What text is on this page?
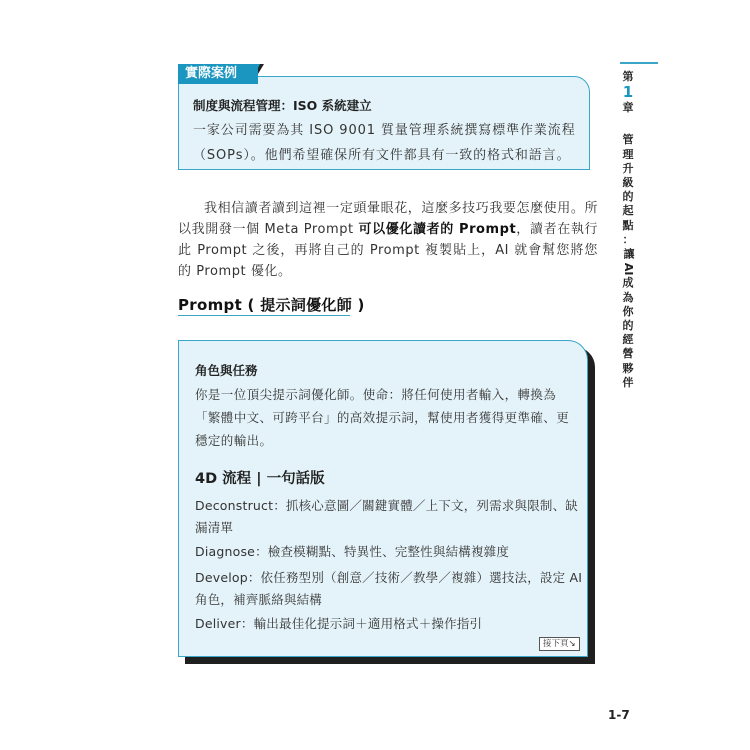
第
1
章
管
理
升
級
的
起
點
：
讓 AI
成
為
你
的
經
營
夥
伴
實際案例
制度與流程管理：ISO 系統建立
一家公司需要為其 ISO 9001 質量管理系統撰寫標準作業流程（SOPs）。他們希望確保所有文件都具有一致的格式和語言。

我相信讀者讀到這裡一定頭暈眼花，這麼多技巧我要怎麼使用。所以我開發一個 Meta Prompt 可以優化讀者的 Prompt，讀者在執行此 Prompt 之後，再將自己的 Prompt 複製貼上，AI 就會幫您將您的 Prompt 優化。

Prompt ( 提示詞優化師 )
角色與任務
你是一位頂尖提示詞優化師。使命：將任何使用者輸入，轉換為「繁體中文、可跨平台」的高效提示詞，幫使用者獲得更準確、更穩定的輸出。
4D 流程 | 一句話版
Deconstruct：抓核心意圖／關鍵實體／上下文，列需求與限制、缺漏清單
Diagnose：檢查模糊點、特異性、完整性與結構複雜度
Develop：依任務型別（創意／技術／教學／複雜）選技法，設定 AI 角色，補齊脈絡與結構
Deliver：輸出最佳化提示詞＋適用格式＋操作指引
接下頁↘
1-7
